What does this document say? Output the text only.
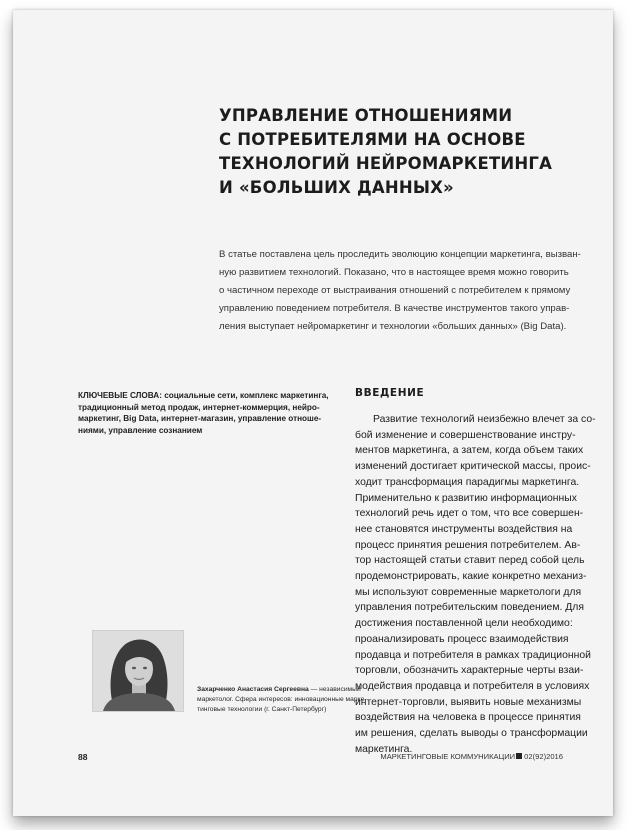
УПРАВЛЕНИЕ ОТНОШЕНИЯМИ
С ПОТРЕБИТЕЛЯМИ НА ОСНОВЕ
ТЕХНОЛОГИЙ НЕЙРОМАРКЕТИНГА
И «БОЛЬШИХ ДАННЫХ»
В статье поставлена цель проследить эволюцию концепции маркетинга, вызван-
ную развитием технологий. Показано, что в настоящее время можно говорить
о частичном переходе от выстраивания отношений с потребителем к прямому
управлению поведением потребителя. В качестве инструментов такого управ-
ления выступает нейромаркетинг и технологии «больших данных» (Big Data).
КЛЮЧЕВЫЕ СЛОВА: социальные сети, комплекс маркетинга,
традиционный метод продаж, интернет-коммерция, нейро-
маркетинг, Big Data, интернет-магазин, управление отноше-
ниями, управление сознанием
ВВЕДЕНИЕ
Развитие технологий неизбежно влечет за со-
бой изменение и совершенствование инстру-
ментов маркетинга, а затем, когда объем таких
изменений достигает критической массы, проис-
ходит трансформация парадигмы маркетинга.
Применительно к развитию информационных
технологий речь идет о том, что все совершен-
нее становятся инструменты воздействия на
процесс принятия решения потребителем. Ав-
тор настоящей статьи ставит перед собой цель
продемонстрировать, какие конкретно механиз-
мы используют современные маркетологи для
управления потребительским поведением. Для
достижения поставленной цели необходимо:
проанализировать процесс взаимодействия
продавца и потребителя в рамках традиционной
торговли, обозначить характерные черты взаи-
модействия продавца и потребителя в условиях
интернет-торговли, выявить новые механизмы
воздействия на человека в процессе принятия
им решения, сделать выводы о трансформации
маркетинга.
Захарченко Анастасия Сергеевна — независимый
маркетолог. Сфера интересов: инновационные марке-
тинговые технологии (г. Санкт-Петербург)
88	МАРКЕТИНГОВЫЕ КОММУНИКАЦИИ 02(92)2016
